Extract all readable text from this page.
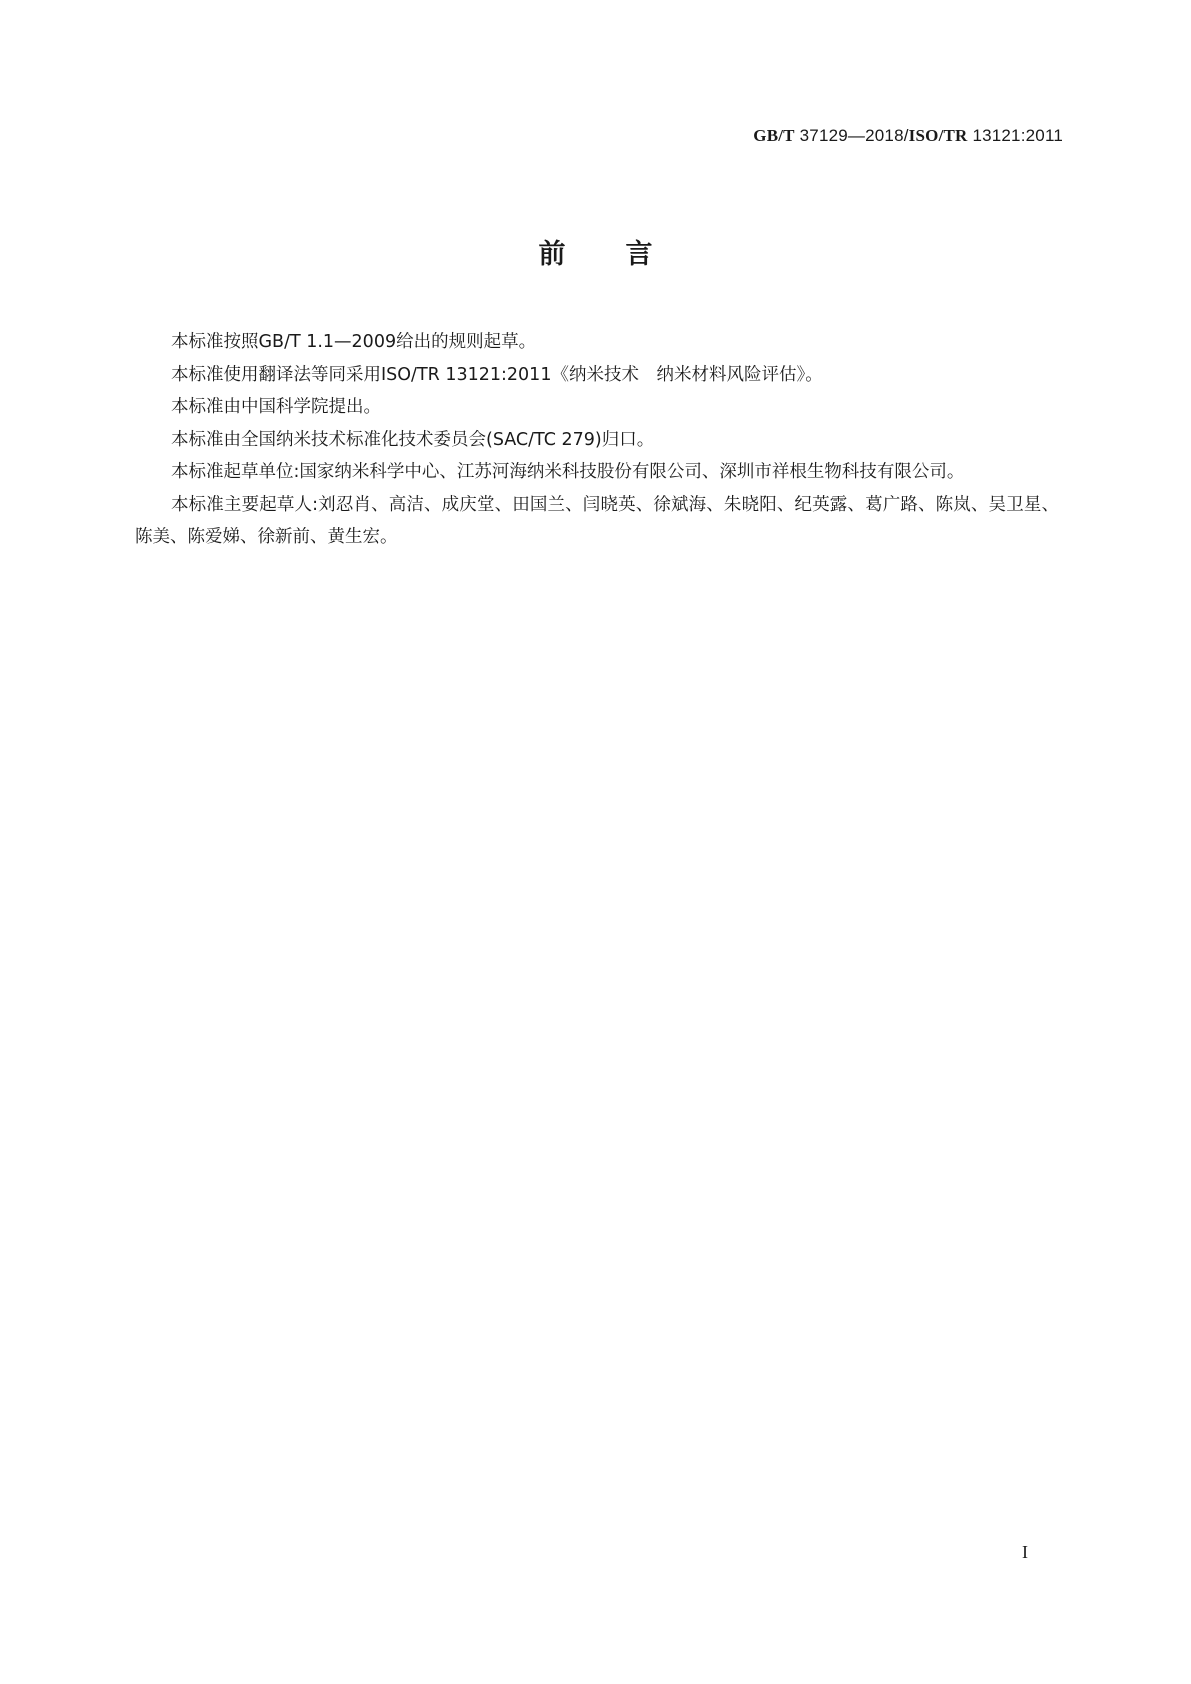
GB/T 37129—2018/ISO/TR 13121:2011
前言

本标准按照GB/T 1.1—2009给出的规则起草。

本标准使用翻译法等同采用ISO/TR 13121:2011《纳米技术　纳米材料风险评估》。

本标准由中国科学院提出。

本标准由全国纳米技术标准化技术委员会(SAC/TC 279)归口。

本标准起草单位:国家纳米科学中心、江苏河海纳米科技股份有限公司、深圳市祥根生物科技有限公司。

本标准主要起草人:刘忍肖、高洁、成庆堂、田国兰、闫晓英、徐斌海、朱晓阳、纪英露、葛广路、陈岚、吴卫星、陈美、陈爱娣、徐新前、黄生宏。

I
